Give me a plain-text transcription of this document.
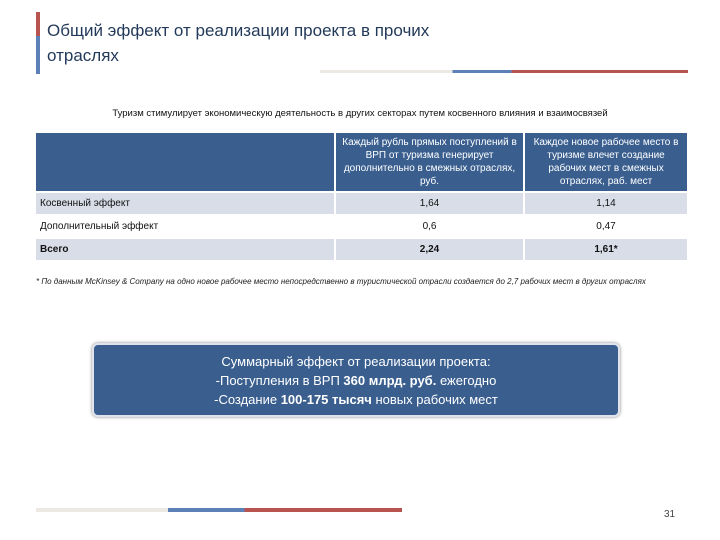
Общий эффект от реализации проекта в прочих отраслях
Туризм стимулирует экономическую деятельность в других секторах путем косвенного влияния и взаимосвязей
	Каждый рубль прямых поступлений в ВРП от туризма генерирует дополнительно в смежных отраслях, руб.	Каждое новое рабочее место в туризме влечет создание рабочих мест в смежных отраслях, раб. мест
Косвенный эффект	1,64	1,14
Дополнительный эффект	0,6	0,47
Всего	2,24	1,61*
* По данным McKinsey & Company на одно новое рабочее место непосредственно в туристической отрасли создается до 2,7 рабочих мест в других отраслях
Суммарный эффект от реализации проекта:
-Поступления в ВРП 360 млрд. руб. ежегодно
-Создание 100-175 тысяч новых рабочих мест
31
